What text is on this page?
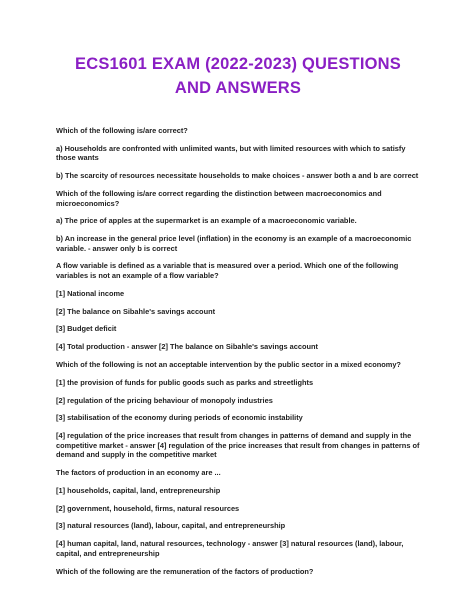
ECS1601 EXAM (2022-2023) QUESTIONS AND ANSWERS

Which of the following is/are correct?

a) Households are confronted with unlimited wants, but with limited resources with which to satisfy those wants

b) The scarcity of resources necessitate households to make choices - answer both a and b are correct

Which of the following is/are correct regarding the distinction between macroeconomics and microeconomics?

a) The price of apples at the supermarket is an example of a macroeconomic variable.

b) An increase in the general price level (inflation) in the economy is an example of a macroeconomic variable. - answer only b is correct

A flow variable is defined as a variable that is measured over a period. Which one of the following variables is not an example of a flow variable?

[1] National income

[2] The balance on Sibahle's savings account

[3] Budget deficit

[4] Total production - answer [2] The balance on Sibahle's savings account

Which of the following is not an acceptable intervention by the public sector in a mixed economy?

[1] the provision of funds for public goods such as parks and streetlights

[2] regulation of the pricing behaviour of monopoly industries

[3] stabilisation of the economy during periods of economic instability

[4] regulation of the price increases that result from changes in patterns of demand and supply in the competitive market - answer [4] regulation of the price increases that result from changes in patterns of demand and supply in the competitive market

The factors of production in an economy are ...

[1] households, capital, land, entrepreneurship

[2] government, household, firms, natural resources

[3] natural resources (land), labour, capital, and entrepreneurship

[4] human capital, land, natural resources, technology - answer [3] natural resources (land), labour, capital, and entrepreneurship

Which of the following are the remuneration of the factors of production?
